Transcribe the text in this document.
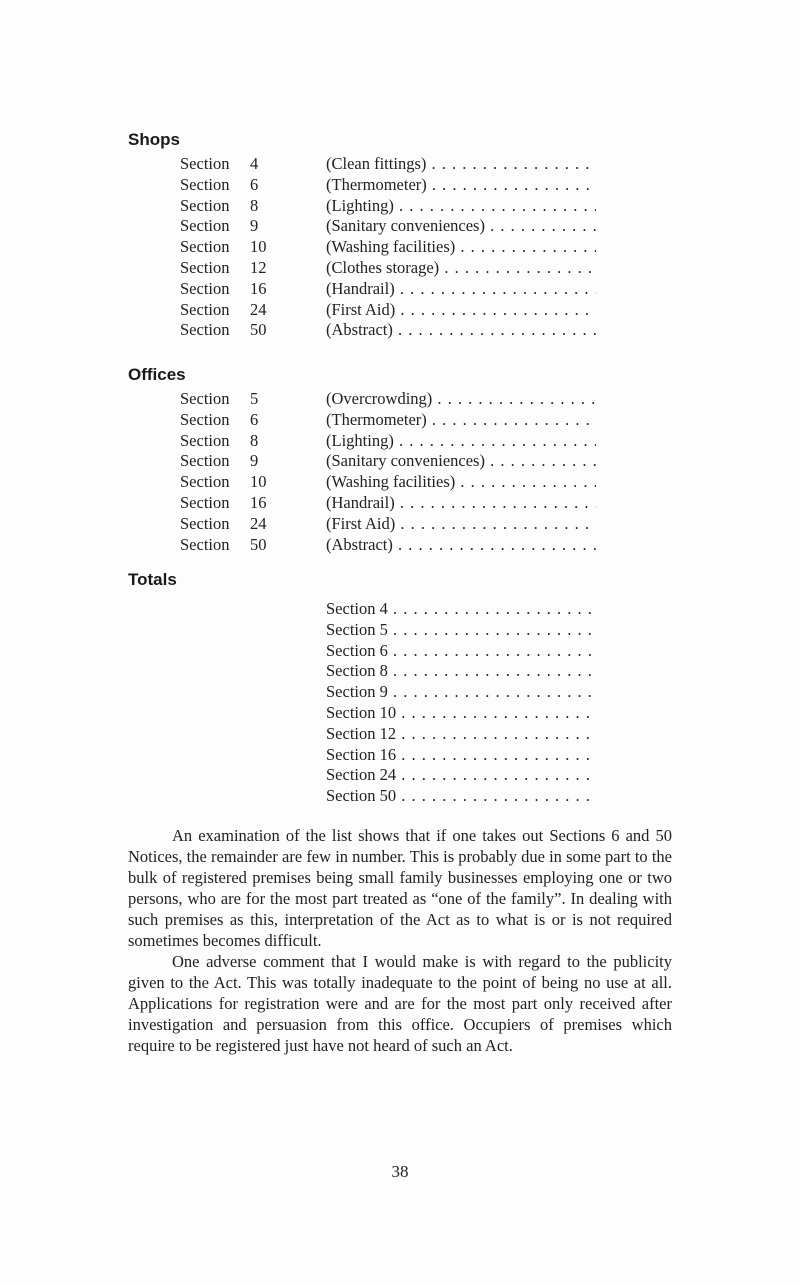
Shops
Section 4	(Clean fittings) . . .
Section 6	(Thermometer) . . .
Section 8	(Lighting) . . .
Section 9	(Sanitary conveniences) . . .
Section 10	(Washing facilities) . . .
Section 12	(Clothes storage) . . .
Section 16	(Handrail) . . .
Section 24	(First Aid) . . .
Section 50	(Abstract) . . .
Offices
Section 5	(Overcrowding) . . .
Section 6	(Thermometer) . . .
Section 8	(Lighting) . . .
Section 9	(Sanitary conveniences) . . .
Section 10	(Washing facilities) . . .
Section 16	(Handrail) . . .
Section 24	(First Aid) . . .
Section 50	(Abstract) . . .
Totals
Section 4 . . .
Section 5 . . .
Section 6 . . .
Section 8 . . .
Section 9 . . .
Section 10 . . .
Section 12 . . .
Section 16 . . .
Section 24 . . .
Section 50 . . .

An examination of the list shows that if one takes out Sections 6 and 50 Notices, the remainder are few in number. This is probably due in some part to the bulk of registered premises being small family businesses employing one or two persons, who are for the most part treated as “one of the family”. In dealing with such premises as this, interpretation of the Act as to what is or is not required sometimes becomes difficult.

One adverse comment that I would make is with regard to the publicity given to the Act. This was totally inadequate to the point of being no use at all. Applications for registration were and are for the most part only received after investigation and persuasion from this office. Occupiers of premises which require to be registered just have not heard of such an Act.

38
